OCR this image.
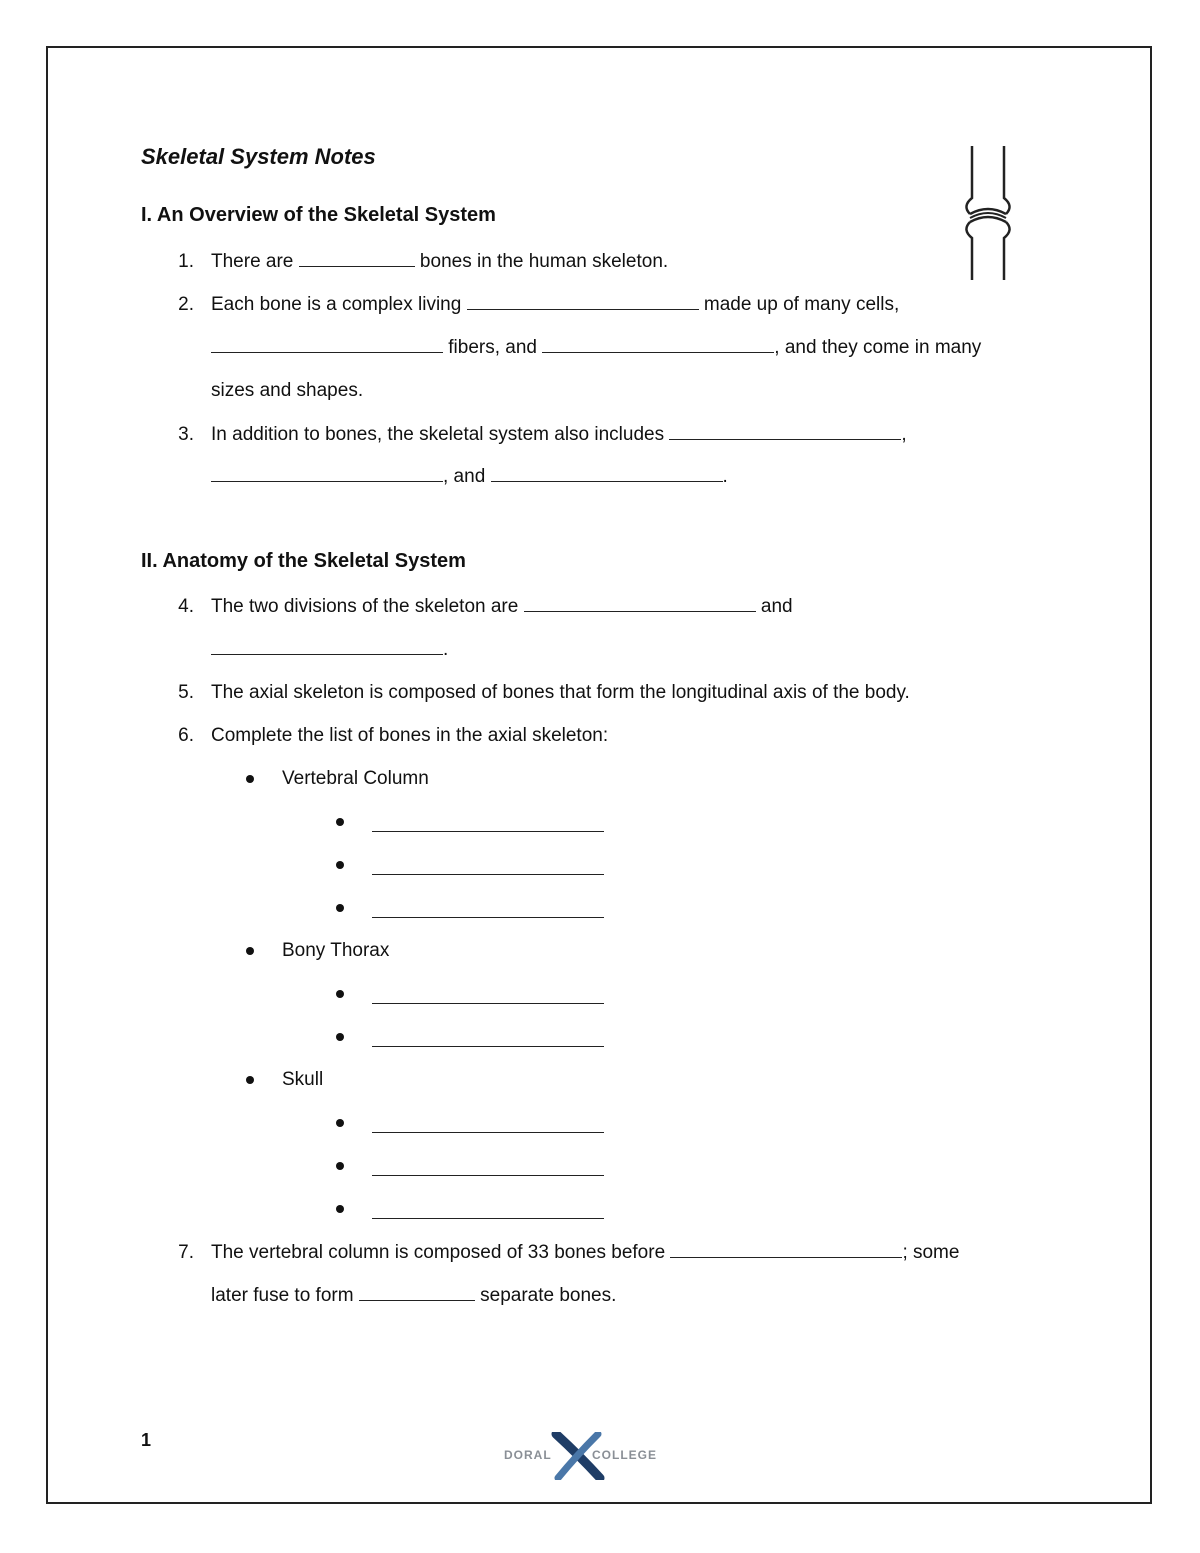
Skeletal System Notes
I. An Overview of the Skeletal System
1. There are	bones in the human skeleton.
2. Each bone is a complex living	made up of many cells,
fibers, and	, and they come in many
sizes and shapes.
3. In addition to bones, the skeletal system also includes	,
, and	.
II. Anatomy of the Skeletal System
4. The two divisions of the skeleton are	and
.
5. The axial skeleton is composed of bones that form the longitudinal axis of the body.
6. Complete the list of bones in the axial skeleton:
Vertebral Column
Bony Thorax
Skull
7. The vertebral column is composed of 33 bones before	; some
later fuse to form	separate bones.
1
DORAL	COLLEGE
